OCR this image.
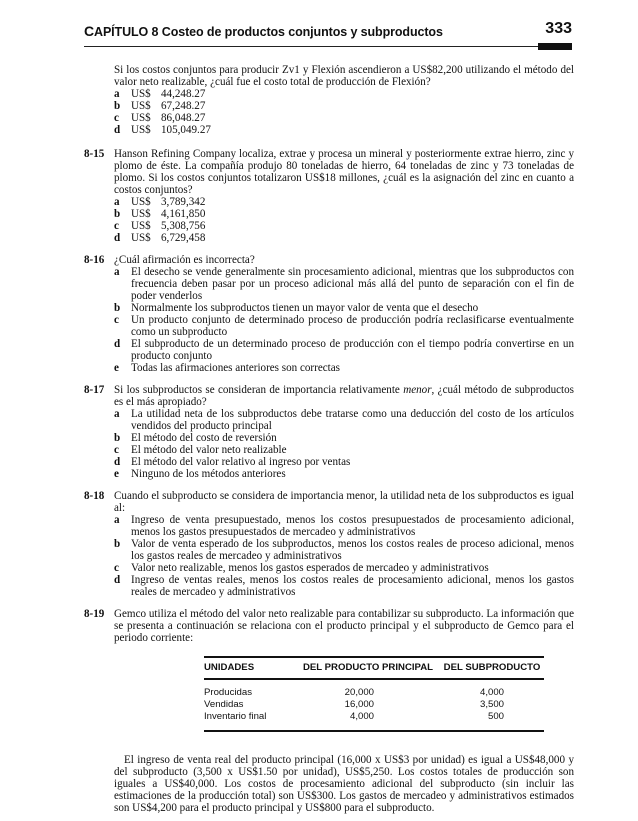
CAPÍTULO 8 Costeo de productos conjuntos y subproductos	333

Si los costos conjuntos para producir Zv1 y Flexión ascendieron a US$82,200 utilizando el método del valor neto realizable, ¿cuál fue el costo total de producción de Flexión?

a US$ 44,248.27
b US$ 67,248.27
c US$ 86,048.27
d US$ 105,049.27
8-15 Hanson Refining Company localiza, extrae y procesa un mineral y posteriormente extrae hierro, zinc y plomo de éste. La compañía produjo 80 toneladas de hierro, 64 toneladas de zinc y 73 toneladas de plomo. Si los costos conjuntos totalizaron US$18 millones, ¿cuál es la asignación del zinc en cuanto a costos conjuntos?

a US$ 3,789,342
b US$ 4,161,850
c US$ 5,308,756
d US$ 6,729,458
8-16 ¿Cuál afirmación es incorrecta?

a El desecho se vende generalmente sin procesamiento adicional, mientras que los subproductos con frecuencia deben pasar por un proceso adicional más allá del punto de separación con el fin de poder venderlos
b Normalmente los subproductos tienen un mayor valor de venta que el desecho
c Un producto conjunto de determinado proceso de producción podría reclasificarse eventualmente como un subproducto
d El subproducto de un determinado proceso de producción con el tiempo podría convertirse en un producto conjunto
e Todas las afirmaciones anteriores son correctas
8-17 Si los subproductos se consideran de importancia relativamente menor, ¿cuál método de subproductos es el más apropiado?

a La utilidad neta de los subproductos debe tratarse como una deducción del costo de los artículos vendidos del producto principal
b El método del costo de reversión
c El método del valor neto realizable
d El método del valor relativo al ingreso por ventas
e Ninguno de los métodos anteriores
8-18 Cuando el subproducto se considera de importancia menor, la utilidad neta de los subproductos es igual al:

a Ingreso de venta presupuestado, menos los costos presupuestados de procesamiento adicional, menos los gastos presupuestados de mercadeo y administrativos
b Valor de venta esperado de los subproductos, menos los costos reales de proceso adicional, menos los gastos reales de mercadeo y administrativos
c Valor neto realizable, menos los gastos esperados de mercadeo y administrativos
d Ingreso de ventas reales, menos los costos reales de procesamiento adicional, menos los gastos reales de mercadeo y administrativos
8-19 Gemco utiliza el método del valor neto realizable para contabilizar su subproducto. La información que se presenta a continuación se relaciona con el producto principal y el subproducto de Gemco para el periodo corriente:

UNIDADES	DEL PRODUCTO PRINCIPAL	DEL SUBPRODUCTO
Producidas	20,000	4,000
Vendidas	16,000	3,500
Inventario final	4,000	500

El ingreso de venta real del producto principal (16,000 x US$3 por unidad) es igual a US$48,000 y del subproducto (3,500 x US$1.50 por unidad), US$5,250. Los costos totales de producción son iguales a US$40,000. Los costos de procesamiento adicional del subproducto (sin incluir las estimaciones de la producción total) son US$300. Los gastos de mercadeo y administrativos estimados son US$4,200 para el producto principal y US$800 para el subproducto.
